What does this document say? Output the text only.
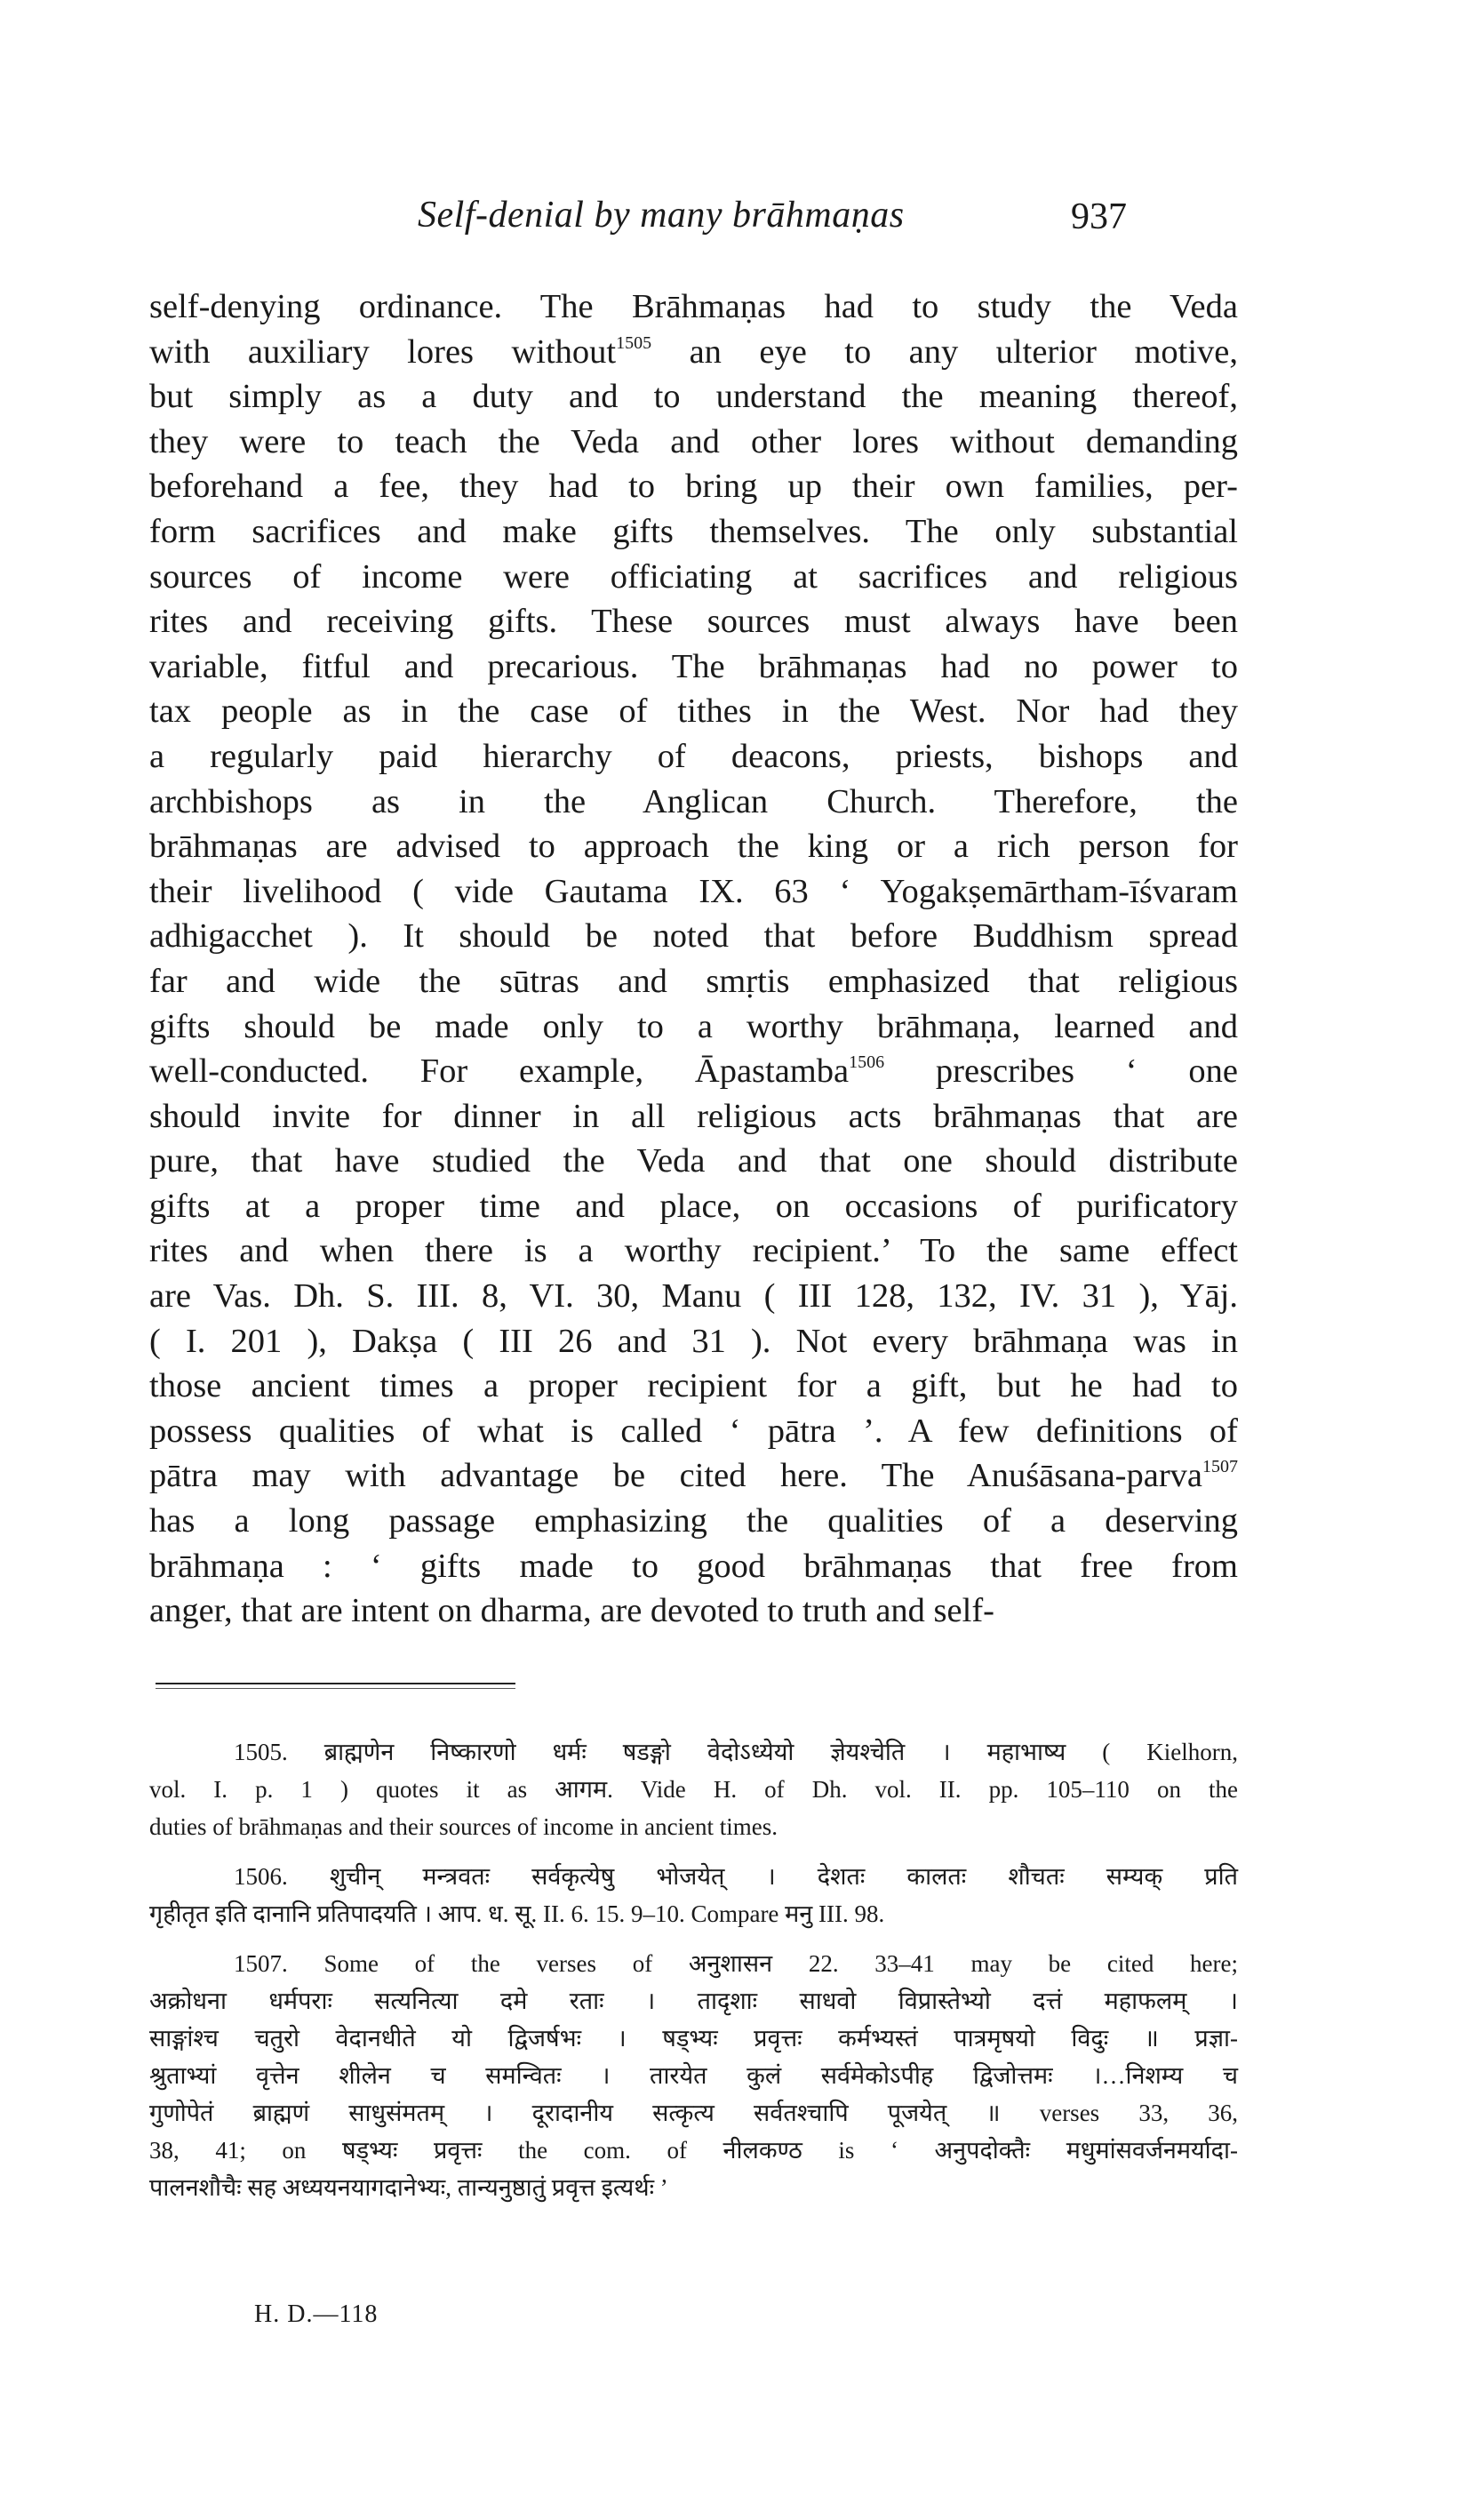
Self-denial by many brāhmaṇas	937
self-denying ordinance. The Brāhmaṇas had to study the Veda
with auxiliary lores without$^{1505}$ an eye to any ulterior motive,
but simply as a duty and to understand the meaning thereof,
they were to teach the Veda and other lores without demanding
beforehand a fee, they had to bring up their own families, per-
form sacrifices and make gifts themselves. The only substantial
sources of income were officiating at sacrifices and religious
rites and receiving gifts. These sources must always have been
variable, fitful and precarious. The brāhmaṇas had no power to
tax people as in the case of tithes in the West. Nor had they
a regularly paid hierarchy of deacons, priests, bishops and
archbishops as in the Anglican Church. Therefore, the
brāhmaṇas are advised to approach the king or a rich person for
their livelihood ( vide Gautama IX. 63 ‘ Yogakṣemārtham-īśvaram
adhigacchet ). It should be noted that before Buddhism spread
far and wide the sūtras and smṛtis emphasized that religious
gifts should be made only to a worthy brāhmaṇa, learned and
well-conducted. For example, Āpastamba$^{1506}$ prescribes ‘ one
should invite for dinner in all religious acts brāhmaṇas that are
pure, that have studied the Veda and that one should distribute
gifts at a proper time and place, on occasions of purificatory
rites and when there is a worthy recipient.’ To the same effect
are Vas. Dh. S. III. 8, VI. 30, Manu ( III 128, 132, IV. 31 ), Yāj.
( I. 201 ), Dakṣa ( III 26 and 31 ). Not every brāhmaṇa was in
those ancient times a proper recipient for a gift, but he had to
possess qualities of what is called ‘ pātra ’. A few definitions of
pātra may with advantage be cited here. The Anuśāsana-parva$^{1507}$
has a long passage emphasizing the qualities of a deserving
brāhmaṇa : ‘ gifts made to good brāhmaṇas that free from
anger, that are intent on dharma, are devoted to truth and self-
1505. ब्राह्मणेन निष्कारणो धर्मः षडङ्गो वेदोऽध्येयो ज्ञेयश्चेति । महाभाष्य ( Kielhorn,
vol. I. p. 1 ) quotes it as आगम. Vide H. of Dh. vol. II. pp. 105–110 on the
duties of brāhmaṇas and their sources of income in ancient times.
1506. शुचीन् मन्त्रवतः सर्वकृत्येषु भोजयेत् । देशतः कालतः शौचतः सम्यक् प्रति
गृहीतृत इति दानानि प्रतिपादयति । आप. ध. सू. II. 6. 15. 9–10. Compare मनु III. 98.
1507. Some of the verses of अनुशासन 22. 33–41 may be cited here;
अक्रोधना धर्मपराः सत्यनित्या दमे रताः । तादृशाः साधवो विप्रास्तेभ्यो दत्तं महाफलम् ।
साङ्गांश्च चतुरो वेदानधीते यो द्विजर्षभः । षड्भ्यः प्रवृत्तः कर्मभ्यस्तं पात्रमृषयो विदुः ॥ प्रज्ञा-
श्रुताभ्यां वृत्तेन शीलेन च समन्वितः । तारयेत कुलं सर्वमेकोऽपीह द्विजोत्तमः ।…निशम्य च
गुणोपेतं ब्राह्मणं साधुसंमतम् । दूरादानीय सत्कृत्य सर्वतश्चापि पूजयेत् ॥ verses 33, 36,
38, 41; on षड्भ्यः प्रवृत्तः the com. of नीलकण्ठ is ‘ अनुपदोक्तैः मधुमांसवर्जनमर्यादा-
पालनशौचैः सह अध्ययनयागदानेभ्यः, तान्यनुष्ठातुं प्रवृत्त इत्यर्थः ’
H. D.—118
